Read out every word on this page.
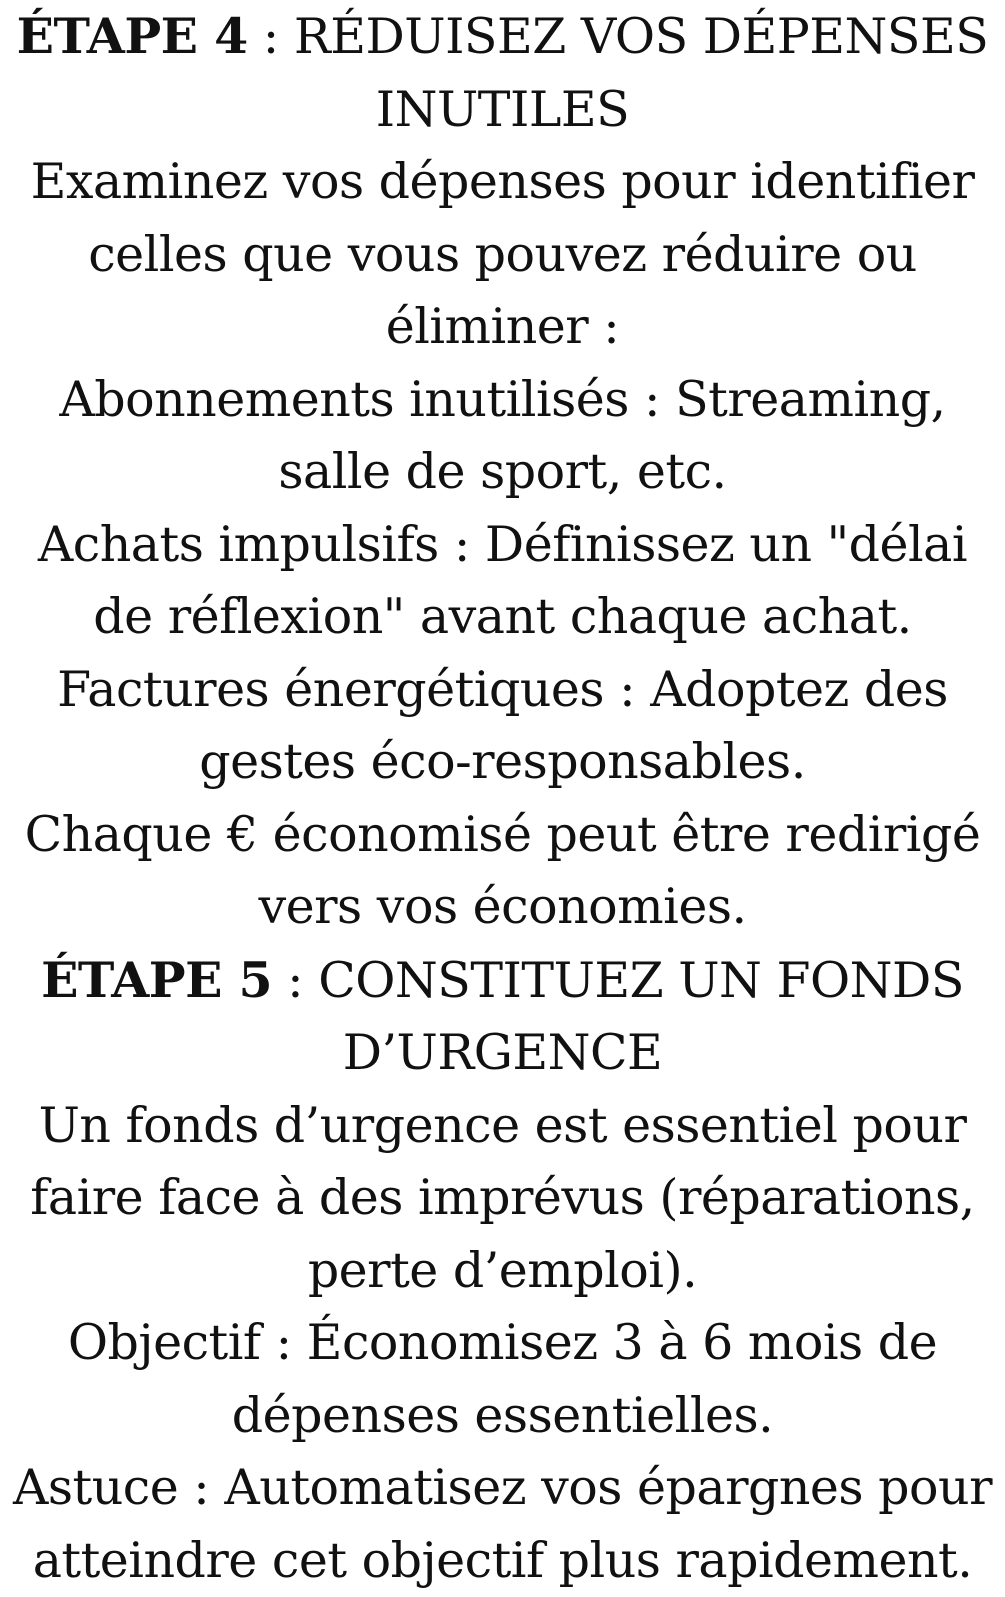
ÉTAPE 4 : RÉDUISEZ VOS DÉPENSES INUTILES

Examinez vos dépenses pour identifier celles que vous pouvez réduire ou éliminer :

Abonnements inutilisés : Streaming, salle de sport, etc.

Achats impulsifs : Définissez un "délai de réflexion" avant chaque achat.

Factures énergétiques : Adoptez des gestes éco-responsables.

Chaque € économisé peut être redirigé vers vos économies.

ÉTAPE 5 : CONSTITUEZ UN FONDS D’URGENCE

Un fonds d’urgence est essentiel pour faire face à des imprévus (réparations, perte d’emploi).

Objectif : Économisez 3 à 6 mois de dépenses essentielles.

Astuce : Automatisez vos épargnes pour atteindre cet objectif plus rapidement.
